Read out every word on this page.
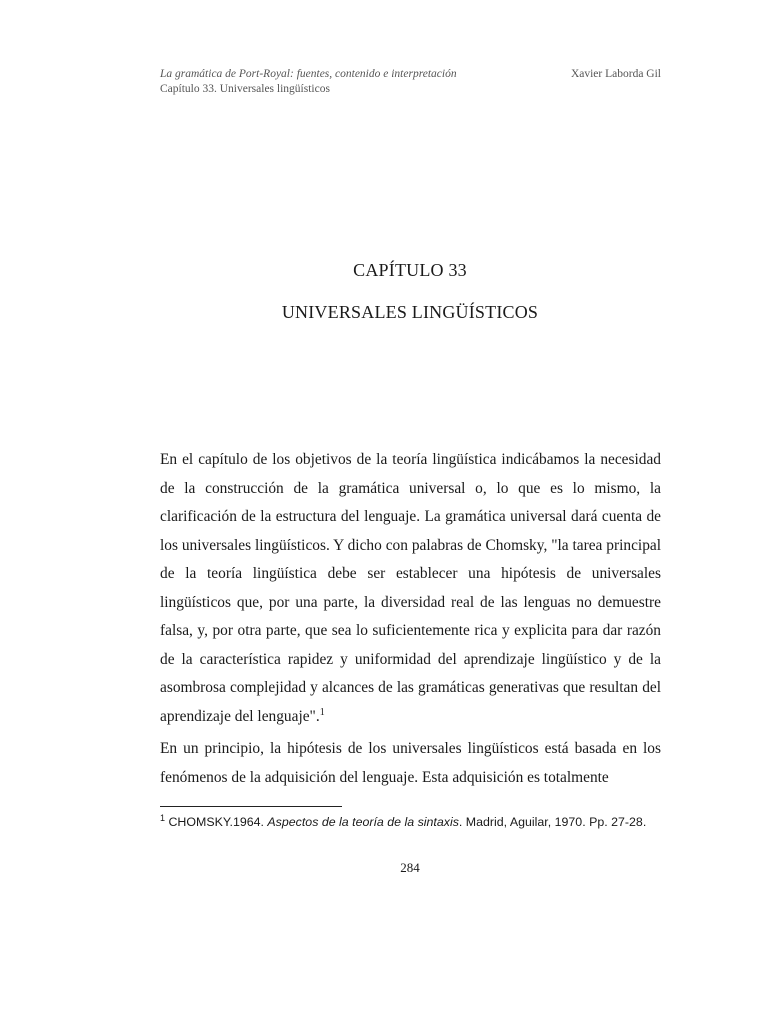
La gramática de Port-Royal: fuentes, contenido e interpretación	Xavier Laborda Gil
Capítulo 33. Universales lingüísticos
CAPÍTULO 33
UNIVERSALES LINGÜÍSTICOS

En el capítulo de los objetivos de la teoría lingüística indicábamos la necesidad de la construcción de la gramática universal o, lo que es lo mismo, la clarificación de la estructura del lenguaje. La gramática universal dará cuenta de los universales lingüísticos. Y dicho con palabras de Chomsky, "la tarea principal de la teoría lingüística debe ser establecer una hipótesis de universales lingüísticos que, por una parte, la diversidad real de las lenguas no demuestre falsa, y, por otra parte, que sea lo suficientemente rica y explicita para dar razón de la característica rapidez y uniformidad del aprendizaje lingüístico y de la asombrosa complejidad y alcances de las gramáticas generativas que resultan del aprendizaje del lenguaje".$^1$

En un principio, la hipótesis de los universales lingüísticos está basada en los fenómenos de la adquisición del lenguaje. Esta adquisición es totalmente

$^1$ CHOMSKY.1964. Aspectos de la teoría de la sintaxis. Madrid, Aguilar, 1970. Pp. 27-28.
284
